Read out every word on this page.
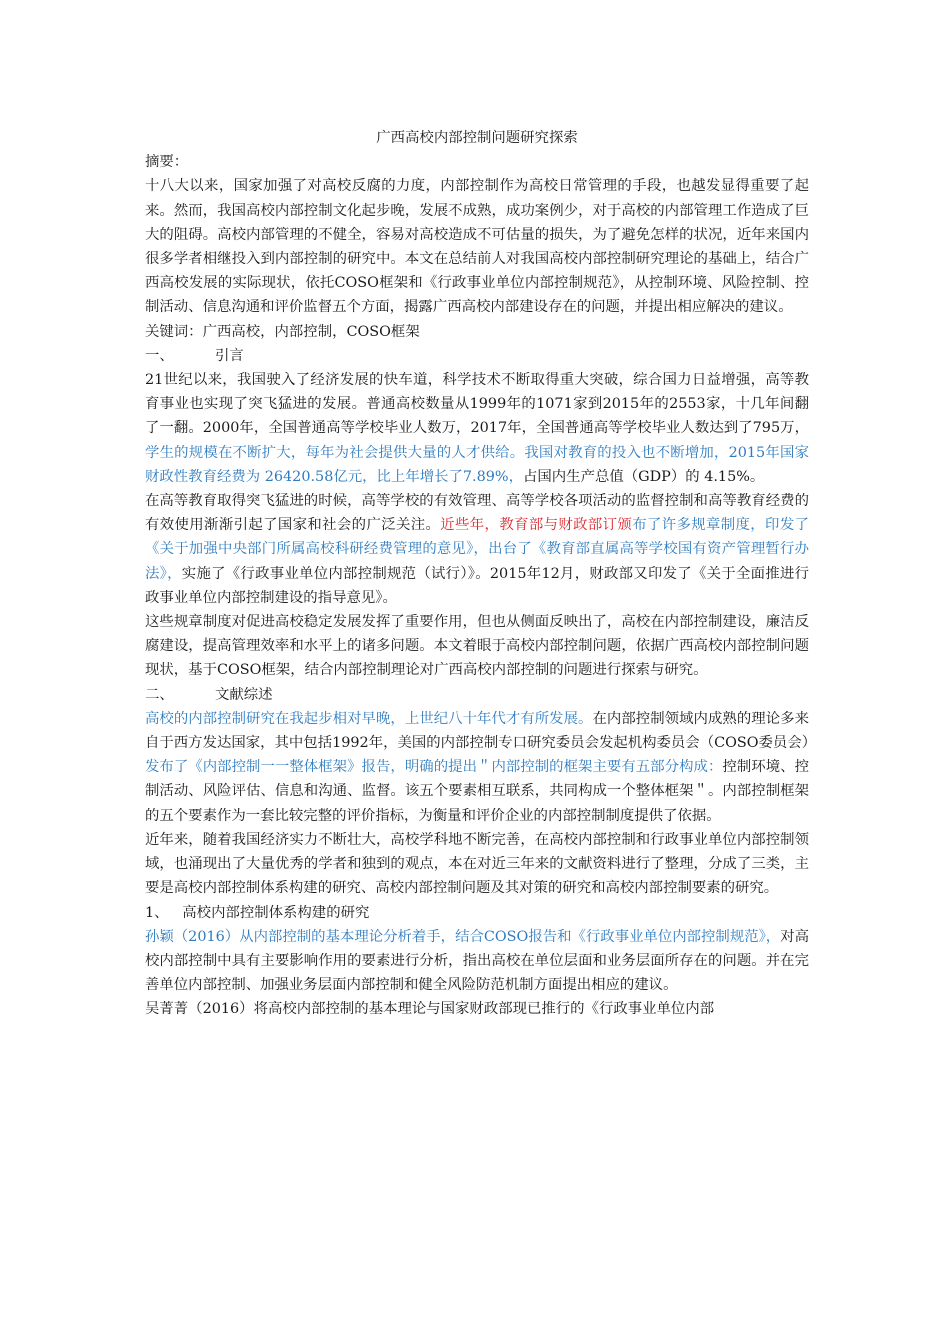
广西高校内部控制问题研究探索

摘要：

十八大以来，国家加强了对高校反腐的力度，内部控制作为高校日常管理的手段，也越发显得重要了起来。然而，我国高校内部控制文化起步晚，发展不成熟，成功案例少，对于高校的内部管理工作造成了巨大的阻碍。高校内部管理的不健全，容易对高校造成不可估量的损失，为了避免怎样的状况，近年来国内很多学者相继投入到内部控制的研究中。本文在总结前人对我国高校内部控制研究理论的基础上，结合广西高校发展的实际现状，依托COSO框架和《行政事业单位内部控制规范》，从控制环境、风险控制、控制活动、信息沟通和评价监督五个方面，揭露广西高校内部建设存在的问题，并提出相应解决的建议。

关键词：广西高校，内部控制，COSO框架

一、	引言

21世纪以来，我国驶入了经济发展的快车道，科学技术不断取得重大突破，综合国力日益增强，高等教育事业也实现了突飞猛进的发展。普通高校数量从1999年的1071家到2015年的2553家，十几年间翻了一翻。2000年，全国普通高等学校毕业人数万，2017年，全国普通高等学校毕业人数达到了795万，学生的规模在不断扩大，每年为社会提供大量的人才供给。我国对教育的投入也不断增加，2015年国家财政性教育经费为 26420.58亿元，比上年增长了7.89%，占国内生产总值（GDP）的 4.15%。

在高等教育取得突飞猛进的时候，高等学校的有效管理、高等学校各项活动的监督控制和高等教育经费的有效使用渐渐引起了国家和社会的广泛关注。近些年，教育部与财政部订颁布了许多规章制度，印发了《关于加强中央部门所属高校科研经费管理的意见》，出台了《教育部直属高等学校国有资产管理暂行办法》，实施了《行政事业单位内部控制规范（试行）》。2015年12月，财政部又印发了《关于全面推进行政事业单位内部控制建设的指导意见》。

这些规章制度对促进高校稳定发展发挥了重要作用，但也从侧面反映出了，高校在内部控制建设，廉洁反腐建设，提高管理效率和水平上的诸多问题。本文着眼于高校内部控制问题，依据广西高校内部控制问题现状，基于COSO框架，结合内部控制理论对广西高校内部控制的问题进行探索与研究。

二、	文献综述

高校的内部控制研究在我起步相对早晚，上世纪八十年代才有所发展。在内部控制领域内成熟的理论多来自于西方发达国家，其中包括1992年，美国的内部控制专口研究委员会发起机构委员会（COSO委员会）发布了《内部控制一一整体框架》报告，明确的提出＂内部控制的框架主要有五部分构成：控制环境、控制活动、风险评估、信息和沟通、监督。该五个要素相互联系，共同构成一个整体框架＂。内部控制框架的五个要素作为一套比较完整的评价指标，为衡量和评价企业的内部控制制度提供了依据。

近年来，随着我国经济实力不断壮大，高校学科地不断完善，在高校内部控制和行政事业单位内部控制领域，也涌现出了大量优秀的学者和独到的观点，本在对近三年来的文献资料进行了整理，分成了三类，主要是高校内部控制体系构建的研究、高校内部控制问题及其对策的研究和高校内部控制要素的研究。

1、 高校内部控制体系构建的研究

孙颖（2016）从内部控制的基本理论分析着手，结合COSO报告和《行政事业单位内部控制规范》，对高校内部控制中具有主要影响作用的要素进行分析，指出高校在单位层面和业务层面所存在的问题。并在完善单位内部控制、加强业务层面内部控制和健全风险防范机制方面提出相应的建议。

吴菁菁（2016）将高校内部控制的基本理论与国家财政部现已推行的《行政事业单位内部
